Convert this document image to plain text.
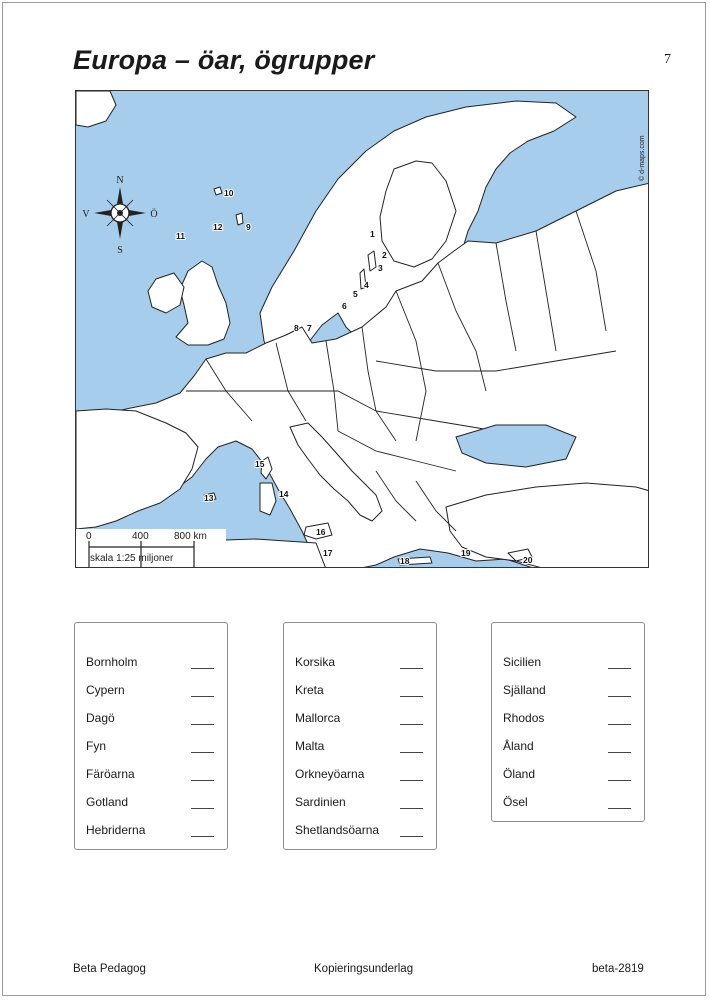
Europa – öar, ögrupper	7
N
S
V	Ö
© d-maps.com
0	400	800 km
skala 1:25 miljoner
1
2
3
4
5
6
7
8
9
10
11
12
13	14
15
16
17
18
19
20
Bornholm
Cypern
Dagö
Fyn
Färöarna
Gotland
Hebriderna
Korsika
Kreta
Mallorca
Malta
Orkneyöarna
Sardinien
Shetlandsöarna
Sicilien
Själland
Rhodos
Åland
Öland
Ösel
Beta Pedagog	Kopieringsunderlag	beta-2819
